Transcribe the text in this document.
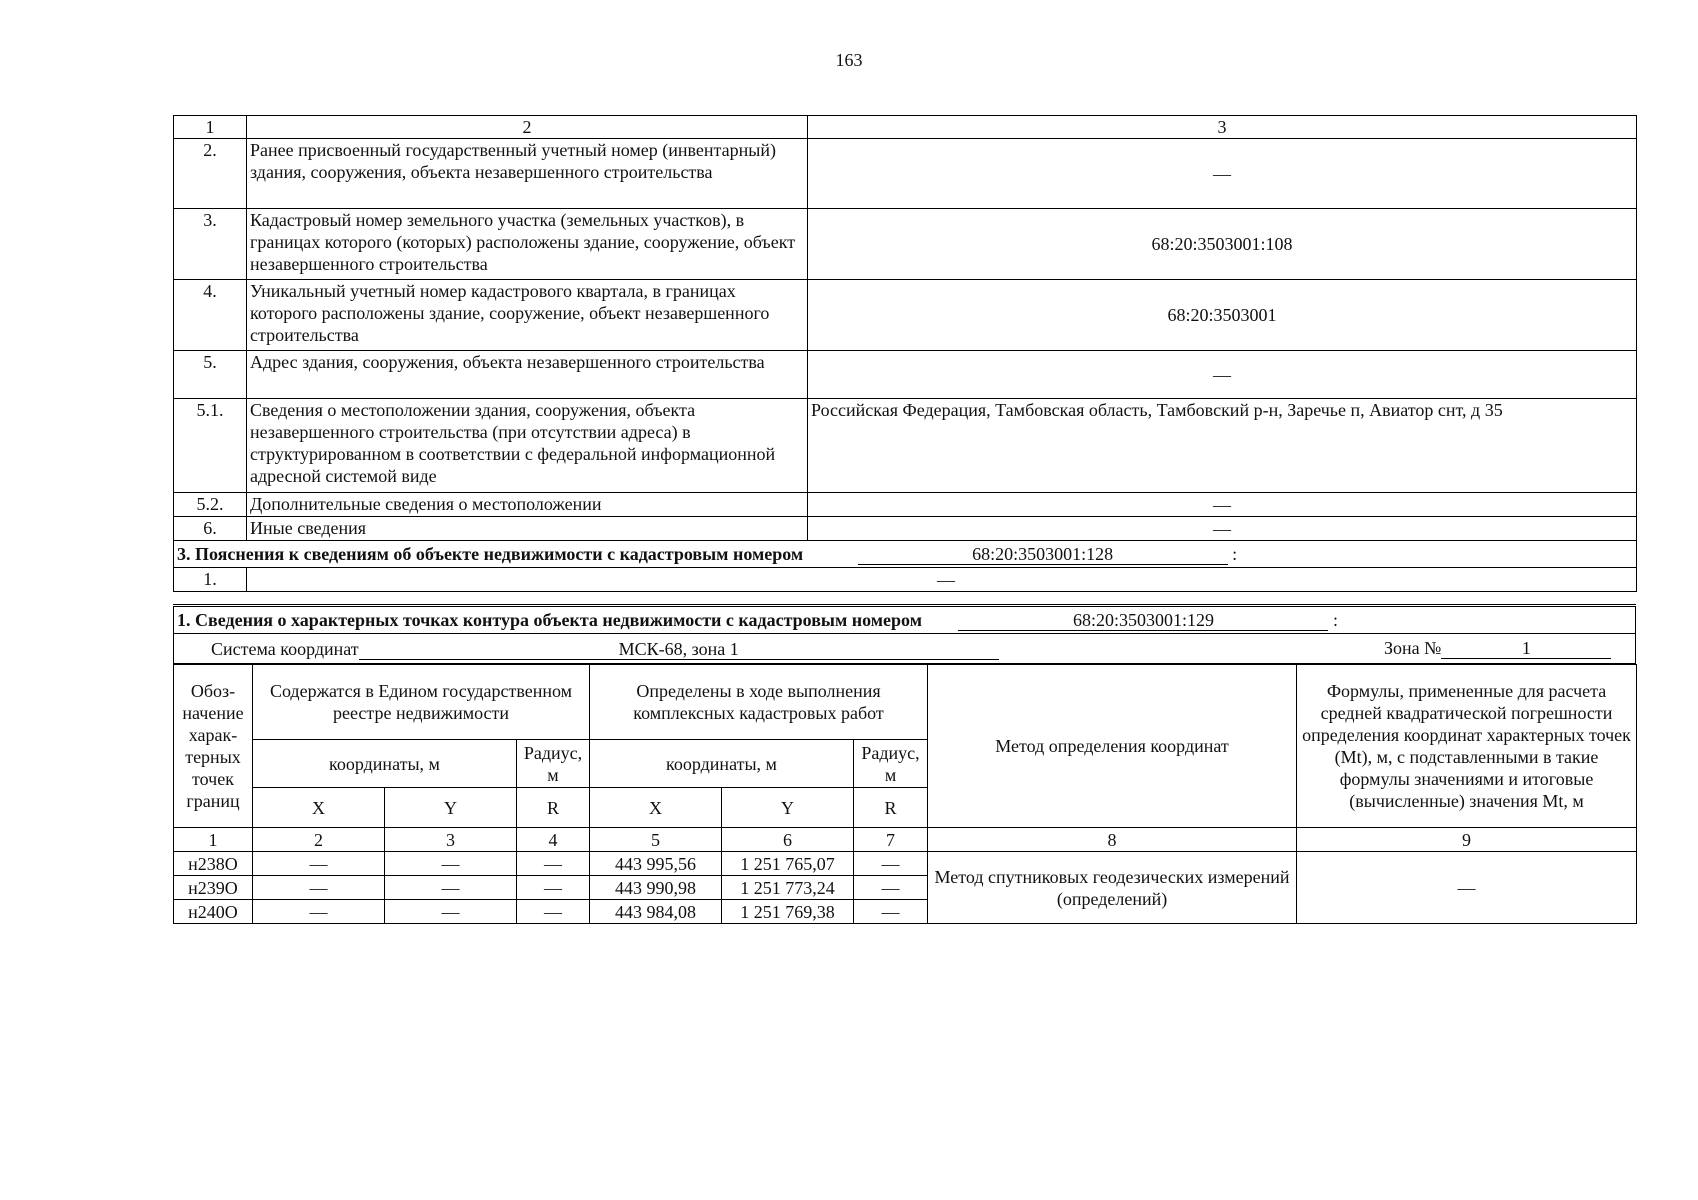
163
1	2	3
2.	Ранее присвоенный государственный учетный номер (инвентарный) здания, сооружения, объекта незавершенного строительства	—
3.	Кадастровый номер земельного участка (земельных участков), в границах которого (которых) расположены здание, сооружение, объект незавершенного строительства	68:20:3503001:108
4.	Уникальный учетный номер кадастрового квартала, в границах которого расположены здание, сооружение, объект незавершенного строительства	68:20:3503001
5.	Адрес здания, сооружения, объекта незавершенного строительства	—
5.1.	Сведения о местоположении здания, сооружения, объекта незавершенного строительства (при отсутствии адреса) в структурированном в соответствии с федеральной информационной адресной системой виде	Российская Федерация, Тамбовская область, Тамбовский р-н, Заречье п, Авиатор снт, д 35
5.2.	Дополнительные сведения о местоположении	—
6.	Иные сведения	—
3. Пояснения к сведениям об объекте недвижимости с кадастровым номером 68:20:3503001:128 :		
1.	—	
1. Сведения о характерных точках контура объекта недвижимости с кадастровым номером	68:20:3503001:129	:
Система координат	МСК-68, зона 1	Зона №	1
Обоз-начение харак-терных точек границ	Содержатся в Едином государственном реестре недвижимости			Определены в ходе выполнения комплексных кадастровых работ			Метод определения координат	Формулы, примененные для расчета средней квадратической погрешности определения координат характерных точек (Mt), м, с подставленными в такие формулы значениями и итоговые (вычисленные) значения Mt, м
	координаты, м		Радиус, м	координаты, м		Радиус, м		
	X	Y	R	X	Y	R		
1	2	3	4	5	6	7	8	9
н238О	—	—	—	443 995,56	1 251 765,07	—	Метод спутниковых геодезических измерений (определений)	—
н239О	—	—	—	443 990,98	1 251 773,24	—		
н240О	—	—	—	443 984,08	1 251 769,38	—		
